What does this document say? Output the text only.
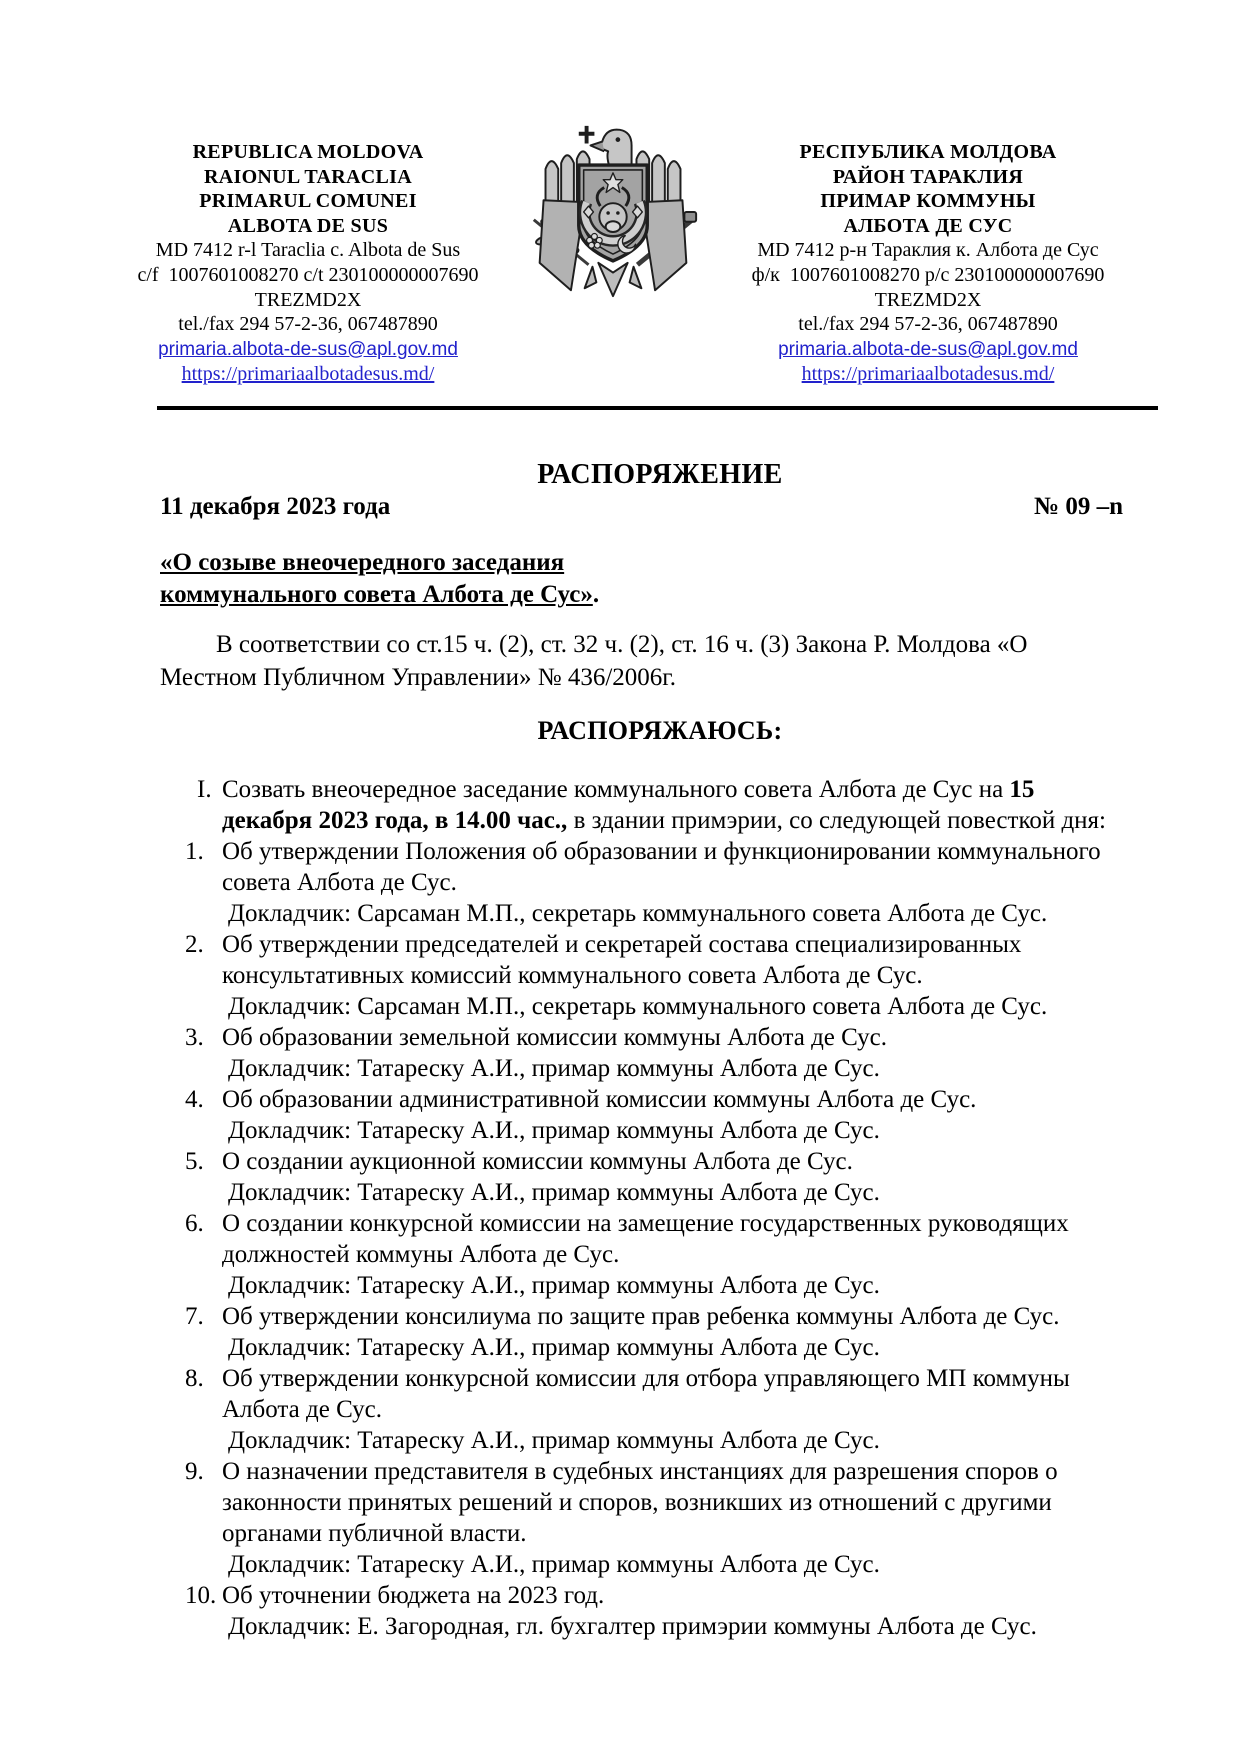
REPUBLICA MOLDOVA
RAIONUL TARACLIA
PRIMARUL COMUNEI
ALBOTA DE SUS
MD 7412 r-l Taraclia c. Albota de Sus
c/f  1007601008270 c/t 230100000007690
TREZMD2X
tel./fax 294 57-2-36, 067487890
primaria.albota-de-sus@apl.gov.md
https://primariaalbotadesus.md/
РЕСПУБЛИКА МОЛДОВА
РАЙОН ТАРАКЛИЯ
ПРИМАР КОММУНЫ
АЛБОТА ДЕ СУС
MD 7412 р-н Тараклия к. Албота де Сус
ф/к  1007601008270 р/с 230100000007690
TREZMD2X
tel./fax 294 57-2-36, 067487890
primaria.albota-de-sus@apl.gov.md
https://primariaalbotadesus.md/
РАСПОРЯЖЕНИЕ
11 декабря 2023 года	№ 09 –n
«О созыве внеочередного заседания
коммунального совета Албота де Сус».

В соответствии со ст.15 ч. (2), ст. 32 ч. (2), ст. 16 ч. (3) Закона Р. Молдова «О Местном Публичном Управлении» № 436/2006г.

РАСПОРЯЖАЮСЬ:
I. Созвать внеочередное заседание коммунального совета Албота де Сус на 15 декабря 2023 года, в 14.00 час., в здании примэрии, со следующей повесткой дня:
1. Об утверждении Положения об образовании и функционировании коммунального совета Албота де Сус.
Докладчик: Сарсаман М.П., секретарь коммунального совета Албота де Сус.
2. Об утверждении председателей и секретарей состава специализированных консультативных комиссий коммунального совета Албота де Сус.
Докладчик: Сарсаман М.П., секретарь коммунального совета Албота де Сус.
3. Об образовании земельной комиссии коммуны Албота де Сус.
Докладчик: Татареску А.И., примар коммуны Албота де Сус.
4. Об образовании административной комиссии коммуны Албота де Сус.
Докладчик: Татареску А.И., примар коммуны Албота де Сус.
5. О создании аукционной комиссии коммуны Албота де Сус.
Докладчик: Татареску А.И., примар коммуны Албота де Сус.
6. О создании конкурсной комиссии на замещение государственных руководящих должностей коммуны Албота де Сус.
Докладчик: Татареску А.И., примар коммуны Албота де Сус.
7. Об утверждении консилиума по защите прав ребенка коммуны Албота де Сус.
Докладчик: Татареску А.И., примар коммуны Албота де Сус.
8. Об утверждении конкурсной комиссии для отбора управляющего МП коммуны Албота де Сус.
Докладчик: Татареску А.И., примар коммуны Албота де Сус.
9. О назначении представителя в судебных инстанциях для разрешения споров о законности принятых решений и споров, возникших из отношений с другими органами публичной власти.
Докладчик: Татареску А.И., примар коммуны Албота де Сус.
10. Об уточнении бюджета на 2023 год.
Докладчик: Е. Загородная, гл. бухгалтер примэрии коммуны Албота де Сус.
